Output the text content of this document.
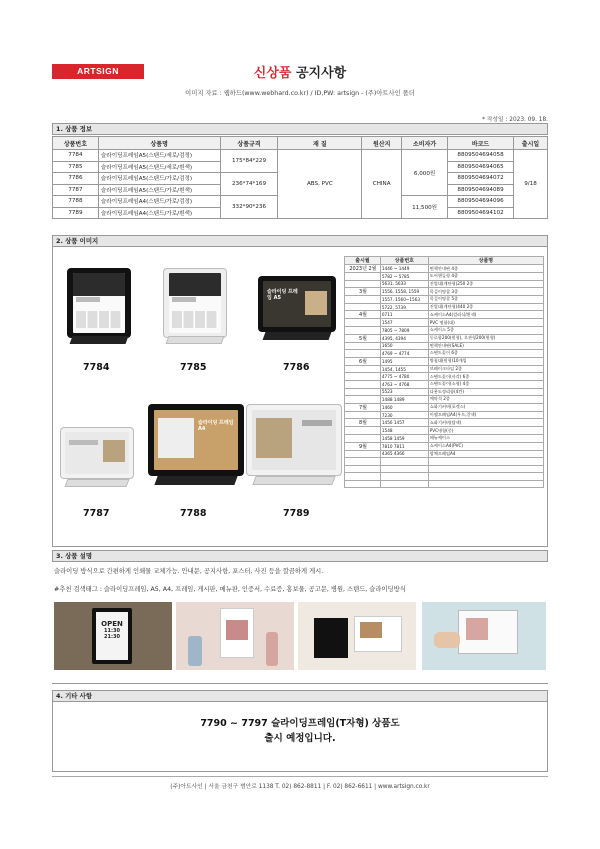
ARTSIGN	신상품 공지사항
이미지 자료 : 웹하드(www.webhard.co.kr) / ID,PW: artsign - (주)아트사인 폴더
* 작성일 : 2023. 09. 18.
1. 상품 정보
상품번호	상품명	상품규격	재 질	원산지	소비자가	바코드	출시일
7784	슬라이딩프레임A5(스탠드/세로/검정)	175*84*229	ABS, PVC	CHINA	6,000원	8809504694058	9/18
7785	슬라이딩프레임A5(스탠드/세로/흰색)					8809504694065	
7786	슬라이딩프레임A5(스탠드/가로/검정)	236*74*169				8809504694072	
7787	슬라이딩프레임A5(스탠드/가로/흰색)					8809504694089	
7788	슬라이딩프레임A4(스탠드/가로/검정)	332*90*236			11,500원	8809504694096	
7789	슬라이딩프레임A4(스탠드/가로/흰색)					8809504694102	
2. 상품 이미지
7784	7785
슬라이딩 프레임 A5
7786
7787
슬라이딩 프레임 A4
7788	7789
출시월	상품번호	상품명
2023년 2월	1446 ~ 1449	면책안내판 4종
	5782 ~ 5785	도어핸들링 4종
	5631, 5633	진열대(계단형)250 2종
3월	1556, 1558, 1559	목걸이명찰 3종
	1557, 1560~1563	목걸이명찰 5종
	5722, 5739	진열대(계단형)440 2종
4월	0711	쇼케이스A4(컬러식/흰색)
	1547	PVC 명함(대)
	7805 ~ 7809	쇼케이스 5종
5월	4395, 4394	동로합200(원형), 오관형200(원형)
	1650	면책안내판(SALE)
	4769 ~ 4774	스탠드꽂이 6종
6월	1495	방침대(원형)10개입
	1454, 1455	브레이크타임 2종
	4775 ~ 4780	스탠드꽂이(사각) 6종
	4763 ~ 4768	스탠드꽂이(소형) 4종
	5523	다용도정리함(4칸)
	1488 1489	예약석 2종
7월	1460	쇼화기커버(포켓스)
	7230	이젤프레임A4(우드,갈색)
8월	1456 1457	쇼화기커버(탈색)
	1548	PVC명함(중)
	1458 1459	메뉴케이스
9월	7810 7811	쇼케이스A4(PVC)
	4365 4366	암체프레임A4

3. 상품 설명
슬라이딩 방식으로 간편하게 인쇄물 교체가능. 안내문, 공지사항, 포스터, 사진 등을 깔끔하게 게시.
#추천 검색태그 : 슬라이딩프레임, A5, A4, 프레임, 게시판, 메뉴판, 인증서, 수료증, 홍보물, 공고문, 병원, 스탠드, 슬라이딩방식
OPEN
11:30
21:30
4. 기타 사항
7790 ~ 7797 슬라이딩프레임(T자형) 상품도
출시 예정입니다.
(주)아트사인 | 서울 금천구 범안로 1138 T. 02) 862-8811 | F. 02) 862-6611 | www.artsign.co.kr
